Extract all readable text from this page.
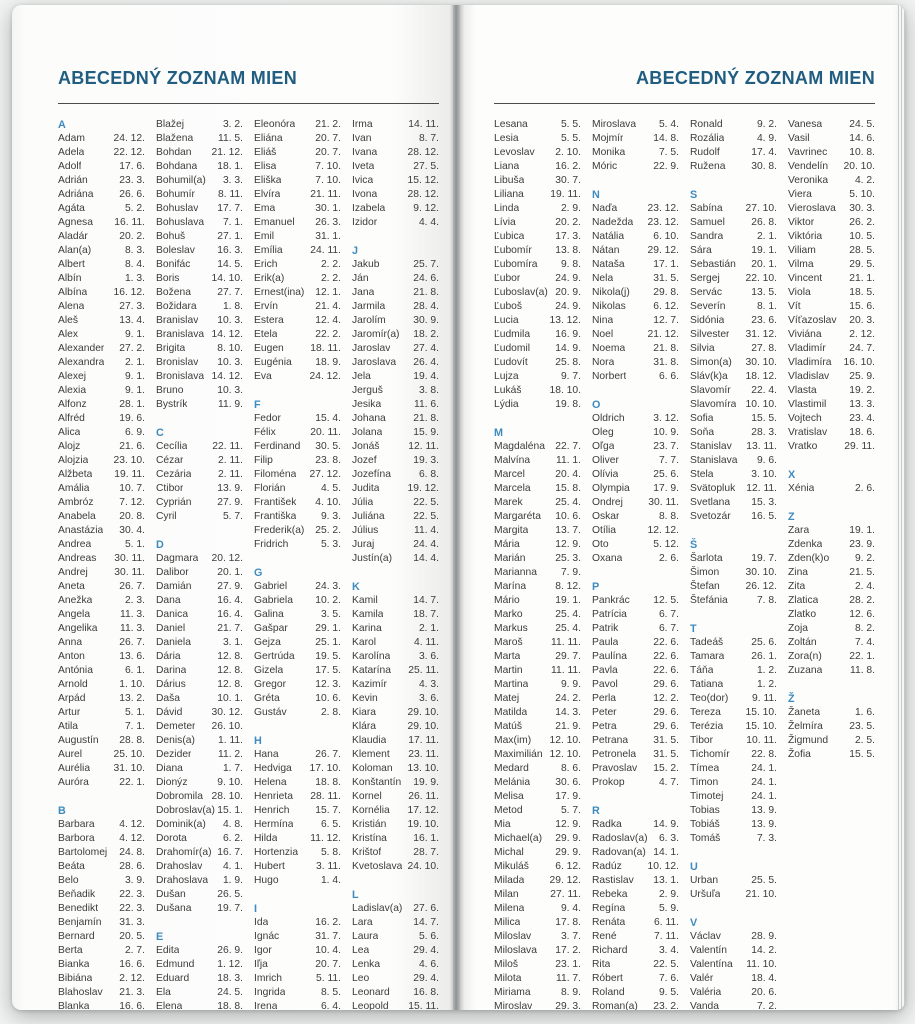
ABECEDNÝ ZOZNAM MIEN
A
Adam	24. 12.
Adela	22. 12.
Adolf	17. 6.
Adrián	23. 3.
Adriána 26. 6.
Agáta	5. 2.
Agnesa 16. 11.
Aladár	20. 2.
Alan(a)	8. 3.
Albert	8. 4.
Albín	1. 3.
Albína	16. 12.
Alena	27. 3.
Aleš	13. 4.
Alex	9. 1.
Alexander 27. 2.
Alexandra 2. 1.
Alexej	9. 1.
Alexia	9. 1.
Alfonz	28. 1.
Alfréd	19. 6.
Alica	6. 9.
Alojz	21. 6.
Alojzia 23. 10.
Alžbeta 19. 11.
Amália	10. 7.
Ambróz	7. 12.
Anabela 20. 8.
Anastázia 30. 4.
Andrea	5. 1.
Andreas 30. 11.
Andrej	30. 11.
Aneta	26. 7.
Anežka	2. 3.
Angela	11. 3.
Angelika 11. 3.
Anna	26. 7.
Anton	13. 6.
Antónia	6. 1.
Arnold	1. 10.
Arpád	13. 2.
Artur	5. 1.
Atila	7. 1.
Augustín 28. 8.
Aurel	25. 10.
Aurélia 31. 10.
Auróra	22. 1.
B
Barbara 4. 12.
Barbora 4. 12.
Bartolomej 24. 8.
Beáta	28. 6.
Belo	3. 9.
Beňadik 22. 3.
Benedikt 22. 3.
Benjamín 31. 3.
Bernard 20. 5.
Berta	2. 7.
Bianka	16. 6.
Bibiána	2. 12.
Blahoslav 21. 3.
Blanka	16. 6.
Blažej	3. 2.
Blažena 11. 5.
Bohdan 21. 12.
Bohdana 18. 1.
Bohumil(a) 3. 3.
Bohumír 8. 11.
Bohuslav 17. 7.
Bohuslava 7. 1.
Bohuš	27. 1.
Boleslav 16. 3.
Bonifác	14. 5.
Boris	14. 10.
Božena	27. 7.
Božidara	1. 8.
Branislav 10. 3.
Branislava 14. 12.
Brigita	8. 10.
Bronislav 10. 3.
Bronislava 14. 12.
Bruno	10. 3.
Bystrík	11. 9.
C
Cecília 22. 11.
Cézar	2. 11.
Cezária	2. 11.
Ctibor	13. 9.
Cyprián	27. 9.
Cyril	5. 7.
D
Dagmara 20. 12.
Dalibor	20. 1.
Damián	27. 9.
Dana	16. 4.
Danica	16. 4.
Daniel	21. 7.
Daniela	3. 1.
Dária	12. 8.
Darina	12. 8.
Dárius	12. 8.
Daša	10. 1.
Dávid	30. 12.
Demeter 26. 10.
Denis(a) 1. 11.
Dezider	11. 2.
Diana	1. 7.
Dionýz	9. 10.
Dobromila 28. 10.
Dobroslav(a) 15. 1.
Dominik(a) 4. 8.
Dorota	6. 2.
Drahomír(a) 16. 7.
Drahoslav 4. 1.
Drahoslava 1. 9.
Dušan	26. 5.
Dušana 19. 7.
E
Edita	26. 9.
Edmund 1. 12.
Eduard	18. 3.
Ela	24. 5.
Elena	18. 8.
Eleonóra 21. 2.
Eliána	20. 7.
Eliáš	20. 7.
Elisa	7. 10.
Eliška	7. 10.
Elvíra	21. 11.
Ema	30. 1.
Emanuel 26. 3.
Emil	31. 1.
Emília	24. 11.
Erich	2. 2.
Erik(a)	2. 2.
Ernest(ina) 12. 1.
Ervín	21. 4.
Estera	12. 4.
Etela	22. 2.
Eugen	18. 11.
Eugénia 18. 9.
Eva	24. 12.
F
Fedor	15. 4.
Félix	20. 11.
Ferdinand 30. 5.
Filip	23. 8.
Filoména 27. 12.
Florián	4. 5.
František 4. 10.
Františka 9. 3.
Frederik(a) 25. 2.
Fridrich	5. 3.
G
Gabriel	24. 3.
Gabriela 10. 2.
Galina	3. 5.
Gašpar	29. 1.
Gejza	25. 1.
Gertrúda 19. 5.
Gizela	17. 5.
Gregor	12. 3.
Gréta	10. 6.
Gustáv	2. 8.
H
Hana	26. 7.
Hedviga 17. 10.
Helena	18. 8.
Henrieta 28. 11.
Henrich	15. 7.
Hermína	6. 5.
Hilda	11. 12.
Hortenzia 5. 8.
Hubert	3. 11.
Hugo	1. 4.
I
Ida	16. 2.
Ignác	31. 7.
Igor	10. 4.
Iľja	20. 7.
Imrich	5. 11.
Ingrida	8. 5.
Irena	6. 4.
Irma	14. 11.
Ivan	8. 7.
Ivana	28. 12.
Iveta	27. 5.
Ivica	15. 12.
Ivona	28. 12.
Izabela	9. 12.
Izidor	4. 4.
J
Jakub	25. 7.
Ján	24. 6.
Jana	21. 8.
Jarmila	28. 4.
Jarolím	30. 9.
Jaromír(a) 18. 2.
Jaroslav 27. 4.
Jaroslava 26. 4.
Jela	19. 4.
Jerguš	3. 8.
Jesika	11. 6.
Johana	21. 8.
Jolana	15. 9.
Jonáš	12. 11.
Jozef	19. 3.
Jozefína	6. 8.
Judita	19. 12.
Júlia	22. 5.
Juliána	22. 5.
Július	11. 4.
Juraj	24. 4.
Justín(a) 14. 4.
K
Kamil	14. 7.
Kamila	18. 7.
Karina	2. 1.
Karol	4. 11.
Karolína	3. 6.
Katarína 25. 11.
Kazimír	4. 3.
Kevin	3. 6.
Kiara	29. 10.
Klára	29. 10.
Klaudia 17. 11.
Klement 23. 11.
Koloman 13. 10.
Konštantín 19. 9.
Kornel	26. 11.
Kornélia 17. 12.
Kristián 19. 10.
Kristína	16. 1.
Krištof	28. 7.
Kvetoslava 24. 10.
L
Ladislav(a) 27. 6.
Lara	14. 7.
Laura	5. 6.
Lea	29. 4.
Lenka	4. 6.
Leo	29. 4.
Leonard 16. 8.
Leopold 15. 11.
ABECEDNÝ ZOZNAM MIEN
Lesana	5. 5.
Lesia	5. 5.
Levoslav 2. 10.
Liana	16. 2.
Libuša	30. 7.
Liliana	19. 11.
Linda	2. 9.
Lívia	20. 2.
Ľubica	17. 3.
Ľubomír 13. 8.
Ľubomíra 9. 8.
Ľubor	24. 9.
Ľuboslav(a) 20. 9.
Ľuboš	24. 9.
Lucia	13. 12.
Ľudmila 16. 9.
Ľudomil 14. 9.
Ľudovít	25. 8.
Lujza	9. 7.
Lukáš	18. 10.
Lýdia	19. 8.
M
Magdaléna 22. 7.
Malvína	11. 1.
Marcel	20. 4.
Marcela 15. 8.
Marek	25. 4.
Margaréta 10. 6.
Margita	13. 7.
Mária	12. 9.
Marián	25. 3.
Marianna 7. 9.
Marína	8. 12.
Mário	19. 1.
Marko	25. 4.
Markus	25. 4.
Maroš	11. 11.
Marta	29. 7.
Martin	11. 11.
Martina	9. 9.
Matej	24. 2.
Matilda	14. 3.
Matúš	21. 9.
Max(im) 12. 10.
Maximilián 12. 10.
Medard	8. 6.
Melánia 30. 6.
Melisa	17. 9.
Metod	5. 7.
Mia	12. 9.
Michael(a) 29. 9.
Michal	29. 9.
Mikuláš	6. 12.
Milada 29. 12.
Milan	27. 11.
Milena	9. 4.
Milica	17. 8.
Miloslav	3. 7.
Miloslava 17. 2.
Miloš	23. 1.
Milota	11. 7.
Miriama	8. 9.
Miroslav 29. 3.
Miroslava 5. 4.
Mojmír	14. 8.
Monika	7. 5.
Móric	22. 9.
N
Naďa	23. 12.
Nadežda 23. 12.
Natália	6. 10.
Nátan	29. 12.
Nataša	17. 1.
Nela	31. 5.
Nikola(j) 29. 8.
Nikolas	6. 12.
Nina	12. 7.
Noel	21. 12.
Noema	21. 8.
Nora	31. 8.
Norbert	6. 6.
O
Oldrich	3. 12.
Oleg	10. 9.
Oľga	23. 7.
Oliver	7. 7.
Olívia	25. 6.
Olympia 17. 9.
Ondrej 30. 11.
Oskar	8. 8.
Otília	12. 12.
Oto	5. 12.
Oxana	2. 6.
P
Pankrác 12. 5.
Patrícia	6. 7.
Patrik	6. 7.
Paula	22. 6.
Paulína	22. 6.
Pavla	22. 6.
Pavol	29. 6.
Perla	12. 2.
Peter	29. 6.
Petra	29. 6.
Petrana 31. 5.
Petronela 31. 5.
Pravoslav 15. 2.
Prokop	4. 7.
R
Radka	14. 9.
Radoslav(a) 6. 3.
Radovan(a) 14. 1.
Radúz 10. 12.
Rastislav 13. 1.
Rebeka	2. 9.
Regína	5. 9.
Renáta	6. 11.
René	7. 11.
Richard	3. 4.
Rita	22. 5.
Róbert	7. 6.
Roland	9. 5.
Roman(a) 23. 2.
Ronald	9. 2.
Rozália	4. 9.
Rudolf	17. 4.
Ružena 30. 8.
S
Sabína 27. 10.
Samuel	26. 8.
Sandra	2. 1.
Sára	19. 1.
Sebastián 20. 1.
Sergej 22. 10.
Servác	13. 5.
Severín	8. 1.
Sidónia	23. 6.
Silvester 31. 12.
Silvia	27. 8.
Simon(a) 30. 10.
Sláv(k)a 18. 12.
Slavomír 22. 4.
Slavomíra 10. 10.
Sofia	15. 5.
Soňa	28. 3.
Stanislav 13. 11.
Stanislava 9. 6.
Stela	3. 10.
Svätopluk 12. 11.
Svetlana 15. 3.
Svetozár 16. 5.
Š
Šarlota	19. 7.
Šimon	30. 10.
Štefan 26. 12.
Štefánia	7. 8.
T
Tadeáš	25. 6.
Tamara	26. 1.
Táňa	1. 2.
Tatiana	1. 2.
Teo(dor) 9. 11.
Tereza 15. 10.
Terézia 15. 10.
Tibor	10. 11.
Tichomír 22. 8.
Tímea	24. 1.
Timon	24. 1.
Timotej	24. 1.
Tobias	13. 9.
Tobiáš	13. 9.
Tomáš	7. 3.
U
Urban	25. 5.
Uršuľa 21. 10.
V
Václav	28. 9.
Valentín 14. 2.
Valentína 11. 10.
Valér	18. 4.
Valéria	20. 6.
Vanda	7. 2.
Vanesa	24. 5.
Vasil	14. 6.
Vavrinec 10. 8.
Vendelín 20. 10.
Veronika	4. 2.
Viera	5. 10.
Vieroslava 30. 3.
Viktor	26. 2.
Viktória	10. 5.
Viliam	28. 5.
Vilma	29. 5.
Vincent	21. 1.
Viola	18. 5.
Vít	15. 6.
Víťazoslav 20. 3.
Viviána	2. 12.
Vladimír 24. 7.
Vladimíra 16. 10.
Vladislav 25. 9.
Vlasta	19. 2.
Vlastimil 13. 3.
Vojtech	23. 4.
Vratislav 18. 6.
Vratko	29. 11.
X
Xénia	2. 6.
Z
Zara	19. 1.
Zdenka	23. 9.
Zden(k)o	9. 2.
Zina	21. 5.
Zita	2. 4.
Zlatica	28. 2.
Zlatko	12. 6.
Zoja	8. 2.
Zoltán	7. 4.
Zora(n)	22. 1.
Zuzana	11. 8.
Ž
Žaneta	1. 6.
Želmíra	23. 5.
Žigmund	2. 5.
Žofia	15. 5.
